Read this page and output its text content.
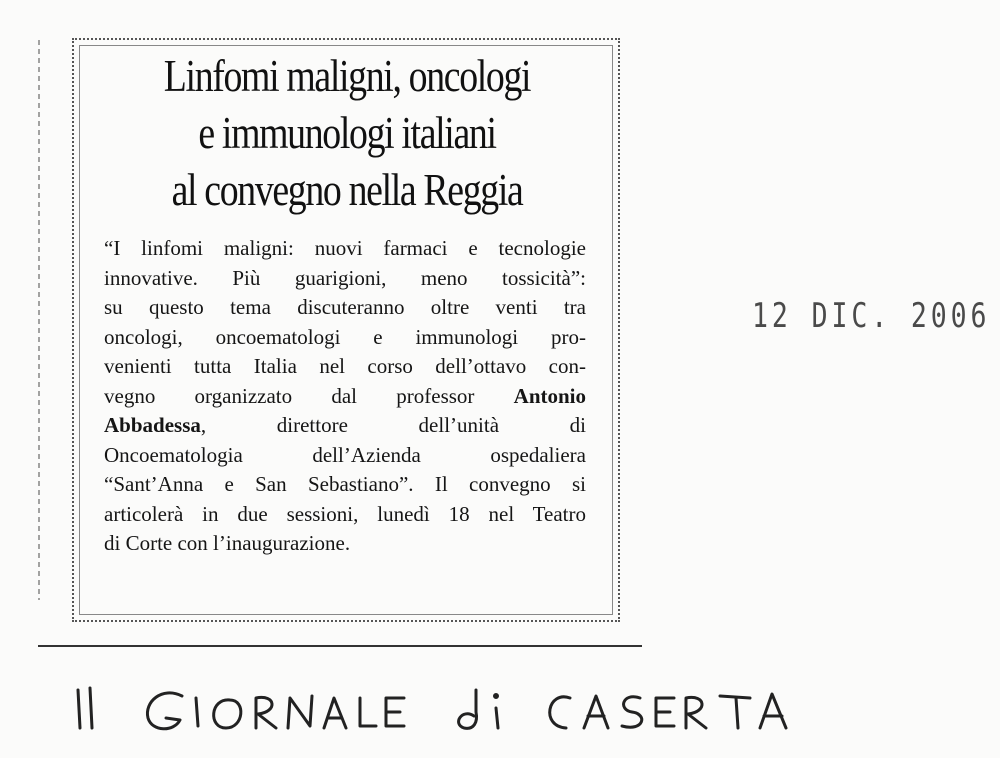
Linfomi maligni, oncologi
e immunologi italiani
al convegno nella Reggia
“I linfomi maligni: nuovi farmaci e tecnologie
innovative. Più guarigioni, meno tossicità”:
su questo tema discuteranno oltre venti tra
oncologi, oncoematologi e immunologi pro-
venienti tutta Italia nel corso dell’ottavo con-
vegno organizzato dal professor Antonio
Abbadessa, direttore dell’unità di
Oncoematologia dell’Azienda ospedaliera
“Sant’Anna e San Sebastiano”. Il convegno si
articolerà in due sessioni, lunedì 18 nel Teatro
di Corte con l’inaugurazione.
12 DIC. 2006
